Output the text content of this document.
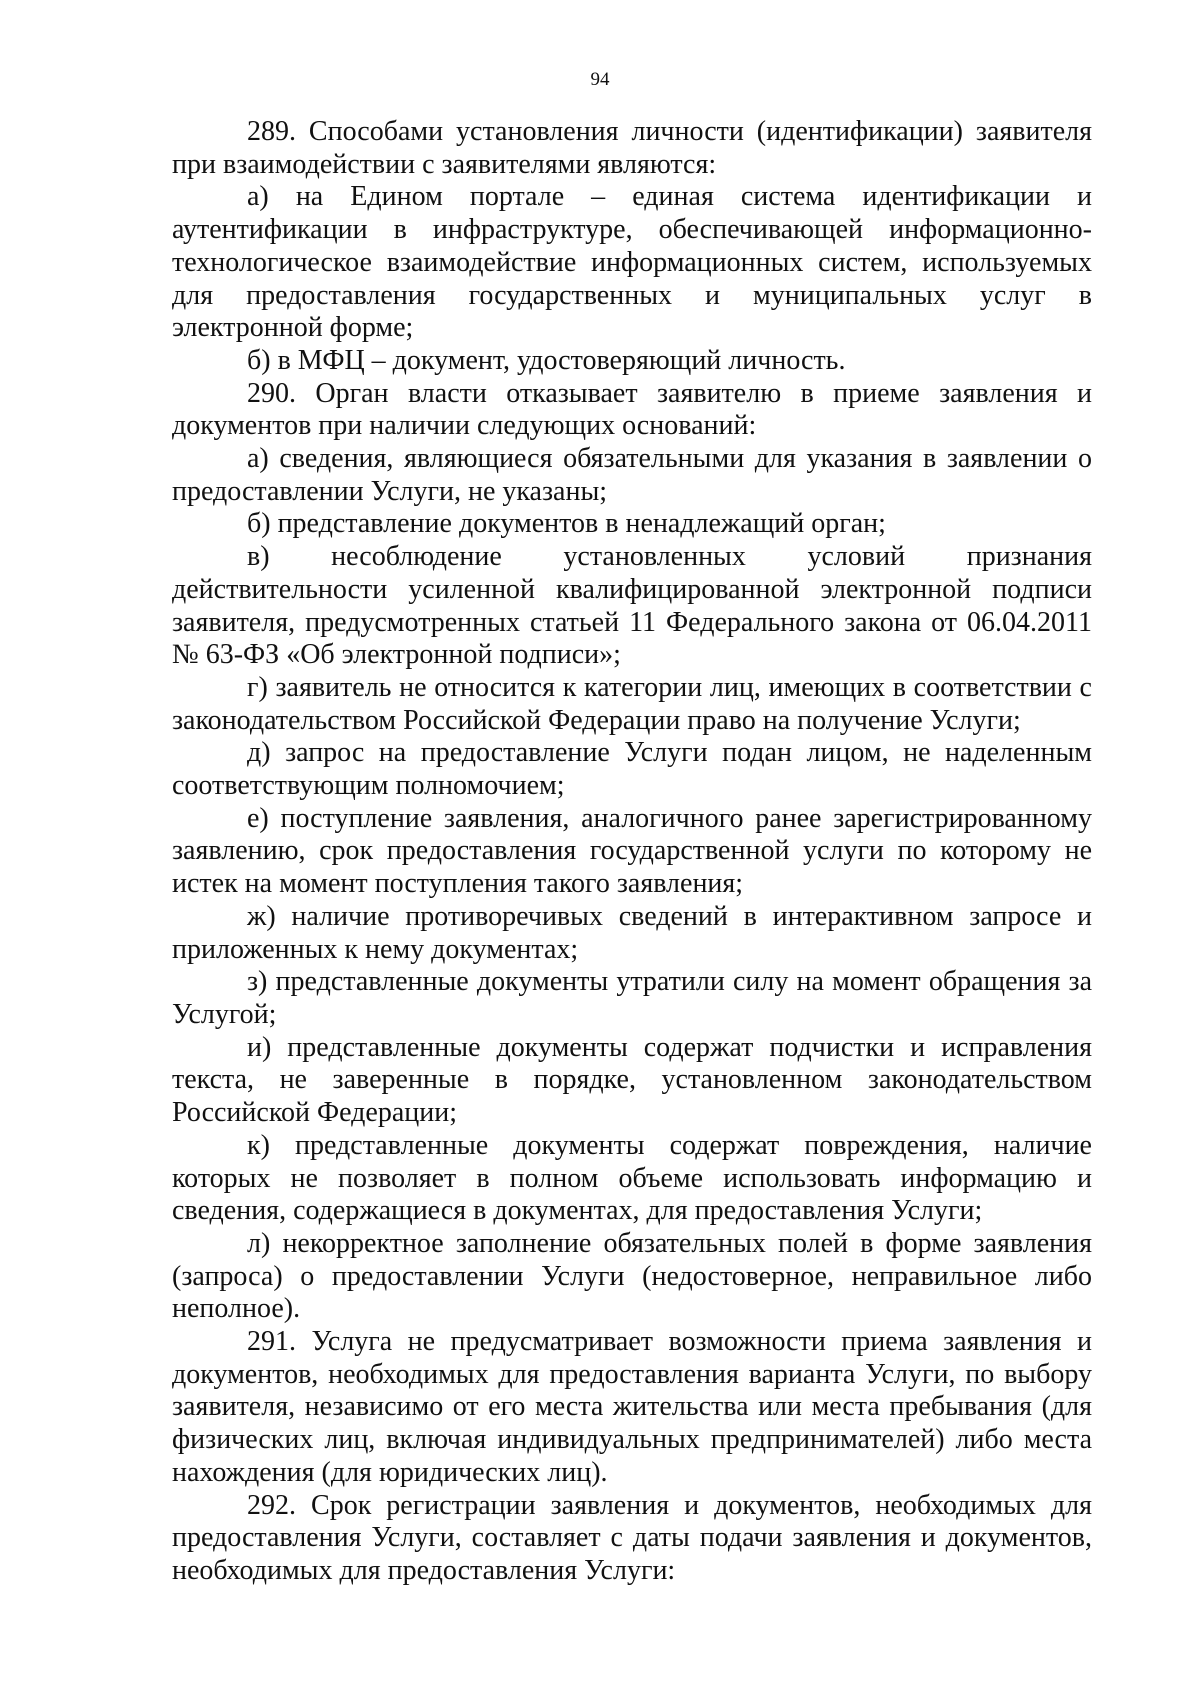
94

289. Способами установления личности (идентификации) заявителя при взаимодействии с заявителями являются:

а) на Едином портале – единая система идентификации и аутентификации в инфраструктуре, обеспечивающей информационно-технологическое взаимодействие информационных систем, используемых для предоставления государственных и муниципальных услуг в электронной форме;

б) в МФЦ – документ, удостоверяющий личность.

290. Орган власти отказывает заявителю в приеме заявления и документов при наличии следующих оснований:

а) сведения, являющиеся обязательными для указания в заявлении о предоставлении Услуги, не указаны;

б) представление документов в ненадлежащий орган;

в) несоблюдение установленных условий признания действительности усиленной квалифицированной электронной подписи заявителя, предусмотренных статьей 11 Федерального закона от 06.04.2011 № 63-ФЗ «Об электронной подписи»;

г) заявитель не относится к категории лиц, имеющих в соответствии с законодательством Российской Федерации право на получение Услуги;

д) запрос на предоставление Услуги подан лицом, не наделенным соответствующим полномочием;

е) поступление заявления, аналогичного ранее зарегистрированному заявлению, срок предоставления государственной услуги по которому не истек на момент поступления такого заявления;

ж) наличие противоречивых сведений в интерактивном запросе и приложенных к нему документах;

з) представленные документы утратили силу на момент обращения за Услугой;

и) представленные документы содержат подчистки и исправления текста, не заверенные в порядке, установленном законодательством Российской Федерации;

к) представленные документы содержат повреждения, наличие которых не позволяет в полном объеме использовать информацию и сведения, содержащиеся в документах, для предоставления Услуги;

л) некорректное заполнение обязательных полей в форме заявления (запроса) о предоставлении Услуги (недостоверное, неправильное либо неполное).

291. Услуга не предусматривает возможности приема заявления и документов, необходимых для предоставления варианта Услуги, по выбору заявителя, независимо от его места жительства или места пребывания (для физических лиц, включая индивидуальных предпринимателей) либо места нахождения (для юридических лиц).

292. Срок регистрации заявления и документов, необходимых для предоставления Услуги, составляет с даты подачи заявления и документов, необходимых для предоставления Услуги:
